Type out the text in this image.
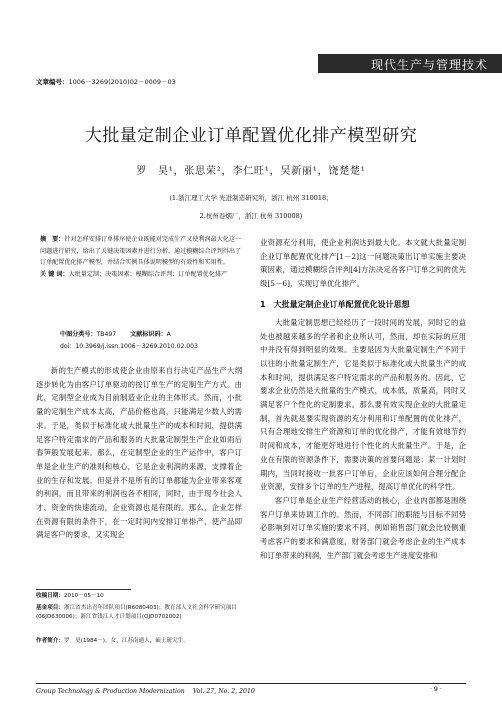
现代生产与管理技术
文章编号：1006－3269(2010)02－0009－03
大批量定制企业订单配置优化排产模型研究
罗　昊¹，张思荣²，李仁旺¹，吴新丽¹，饶楚楚¹
(1.浙江理工大学 先进制造研究所，浙江 杭州 310018；
2.杭州卷烟厂，浙江 杭州 310008)
摘　要：针对怎样安排订单排序使企业既能对完成生产又使利润最大化这一问题进行研究，给出了关键决策因素并进行分析，通过模糊综合评判得出了订单配置优化排产模型，并结合实例具体说明模型的有效性和实用性。
关 键 词：大批量定制；决策因素；模糊综合评判；订单配置优化排产
中图分类号：TB497 文献标识码：A
doi：10.3969/j.issn.1006－3269.2010.02.003

新的生产模式的形成使企业由原来自行决定产品生产大纲逐步转化为由客户订单驱动的按订单生产的定制生产方式。由此，定制型企业成为目前制造业企业的主体形式。然而，小批量的定制生产成本太高，产品价格也高，只能满足少数人的需求。于是，类似于标准化或大批量生产的成本和时间，提供满足客户特定需求的产品和服务的大批量定制型生产企业如雨后春笋般发展起来。那么，在定制型企业的生产运作中，客户订单是企业生产的准则和核心，它是企业利润的来源，支撑着企业的生存和发展。但是并不是所有的订单都能为企业带来客观的利润，而且带来的利润也各不相同，同时，由于现今社会人才、资金的快速流动，企业资源也是有限的。那么，企业怎样在资源有限的条件下，在一定时间内安排订单排产，使产品即满足客户的要求，又实现企

收稿日期：2010－05－10
基金项目：浙江省杰出青年团队项目(R6080403)；教育部人文社会科学研究项目(06JD630006)；浙江省钱江人才计划项目(QJD0702002)
作者简介：罗　昊(1984－)，女，江苏南通人，硕士研究生。

业资源充分利用，使企业利润达到最大化。本文就大批量定制企业订单配置优化排产[1－2]这一问题决策出订单实施主要决策因素，通过模糊综合评判[4]方法决定各客户订单之间的优先级[5－6]，实现订单优化排产。

1　大批量定制企业订单配置优化设计思想

大批量定制思想已经经历了一段时间的发展，同时它的益处也被越来越多的学者和企业所认可，然而，却在实际的应用中并没有得到明显的效果。主要是因为大批量定制生产不同于以往的小批量定制生产，它是类似于标准化或大批量生产的成本和时间，提供满足客户特定需求的产品和服务的。因此，它要求企业仍然是大批量的生产模式，成本低，质量高，同时又满足客户个性化的定制要求。那么要有效实现企业的大批量定制，首先就是要实现资源的充分利用和订单配置的优化排产，只有合理地安排生产资源和订单的优化排产，才能有效地节约时间和成本，才能更好地进行个性化的大批量生产。于是，企业在有限的资源条件下，需要决策的首要问题是：某一计划时期内，当同时接收一批客户订单后，企业应该如何合理分配企业资源，安排多个订单的生产进程，提高订单优化的科学性。

客户订单是企业生产经营活动的核心，企业内部都是围绕客户订单来协调工作的。然而，不同部门的职能与目标不同势必影响到对订单实施的要求不同，例如销售部门就会比较侧重考虑客户的要求和满意度，财务部门就会考虑企业的生产成本和订单带来的利润，生产部门就会考虑生产进度安排和

Group Technology & Production Modernization　 Vol. 27, No. 2, 2010	· 9 ·
